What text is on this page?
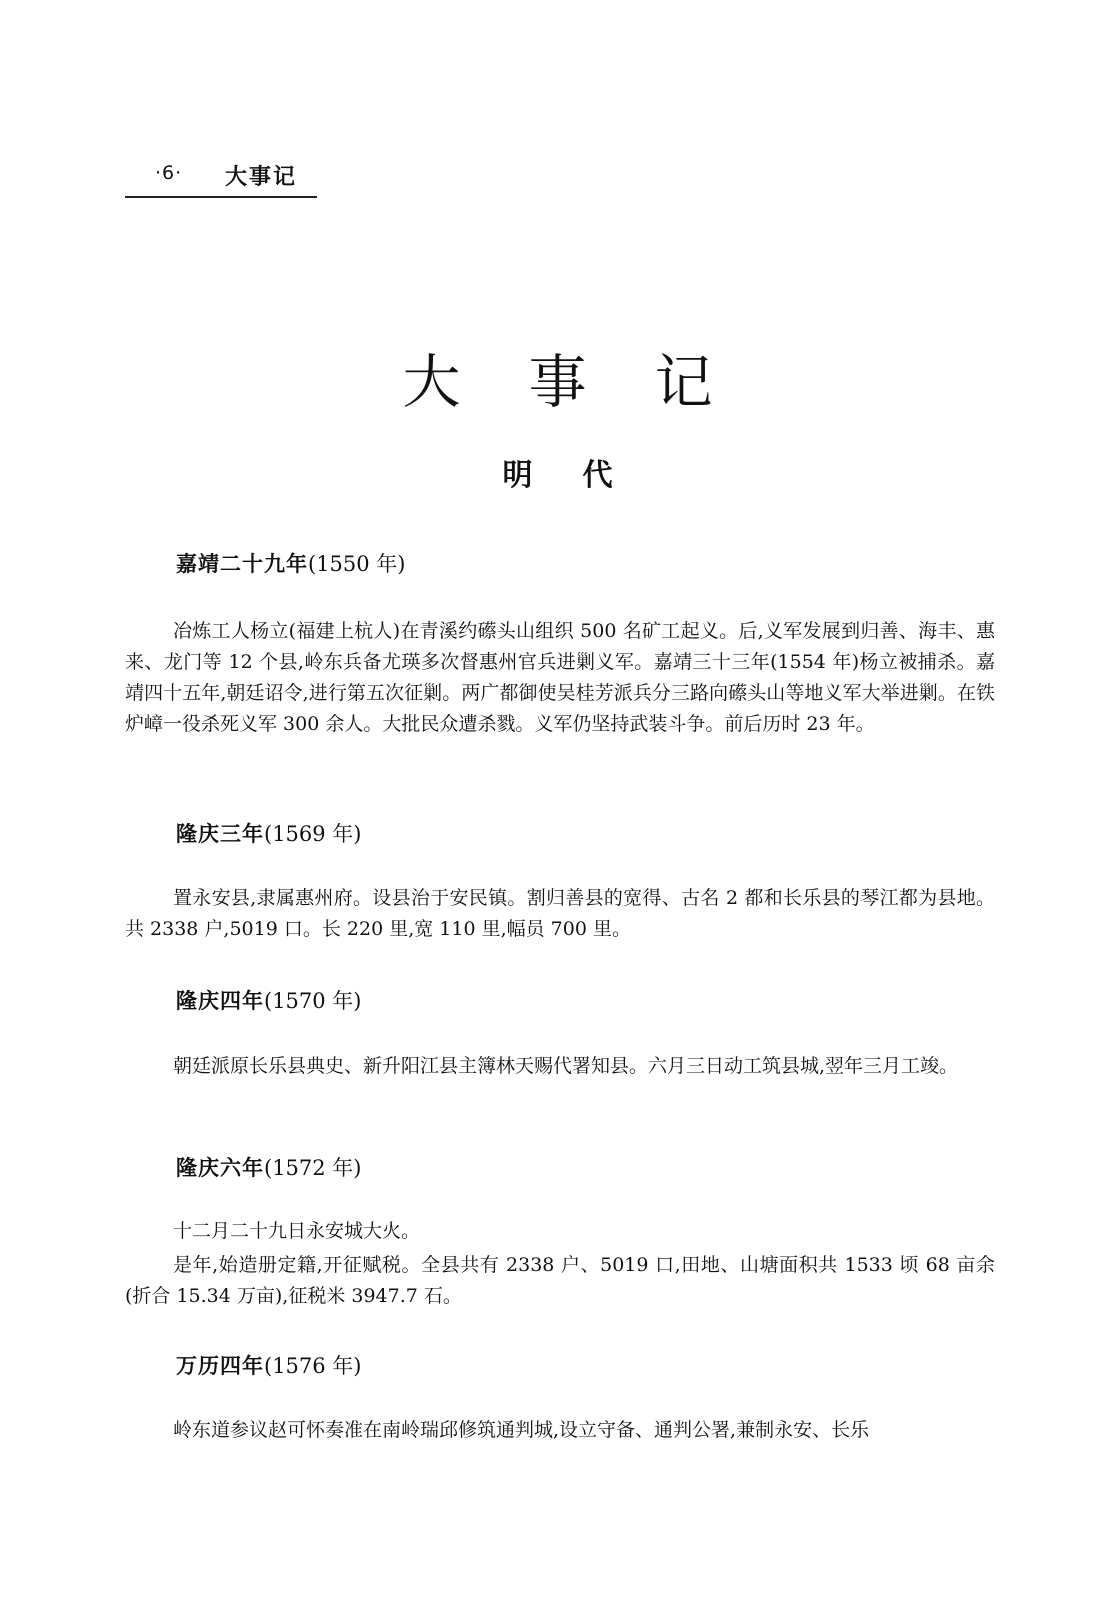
·6· 大事记
大事记
明代
嘉靖二十九年(1550 年)

冶炼工人杨立(福建上杭人)在青溪约礤头山组织 500 名矿工起义。后,义军发展到归善、海丰、惠来、龙门等 12 个县,岭东兵备尤瑛多次督惠州官兵进剿义军。嘉靖三十三年(1554 年)杨立被捕杀。嘉靖四十五年,朝廷诏令,进行第五次征剿。两广都御使吴桂芳派兵分三路向礤头山等地义军大举进剿。在铁炉嶂一役杀死义军 300 余人。大批民众遭杀戮。义军仍坚持武装斗争。前后历时 23 年。

隆庆三年(1569 年)

置永安县,隶属惠州府。设县治于安民镇。割归善县的宽得、古名 2 都和长乐县的琴江都为县地。共 2338 户,5019 口。长 220 里,宽 110 里,幅员 700 里。

隆庆四年(1570 年)

朝廷派原长乐县典史、新升阳江县主簿林天赐代署知县。六月三日动工筑县城,翌年三月工竣。

隆庆六年(1572 年)

十二月二十九日永安城大火。

是年,始造册定籍,开征赋税。全县共有 2338 户、5019 口,田地、山塘面积共 1533 顷 68 亩余(折合 15.34 万亩),征税米 3947.7 石。

万历四年(1576 年)

岭东道参议赵可怀奏准在南岭瑞邱修筑通判城,设立守备、通判公署,兼制永安、长乐
